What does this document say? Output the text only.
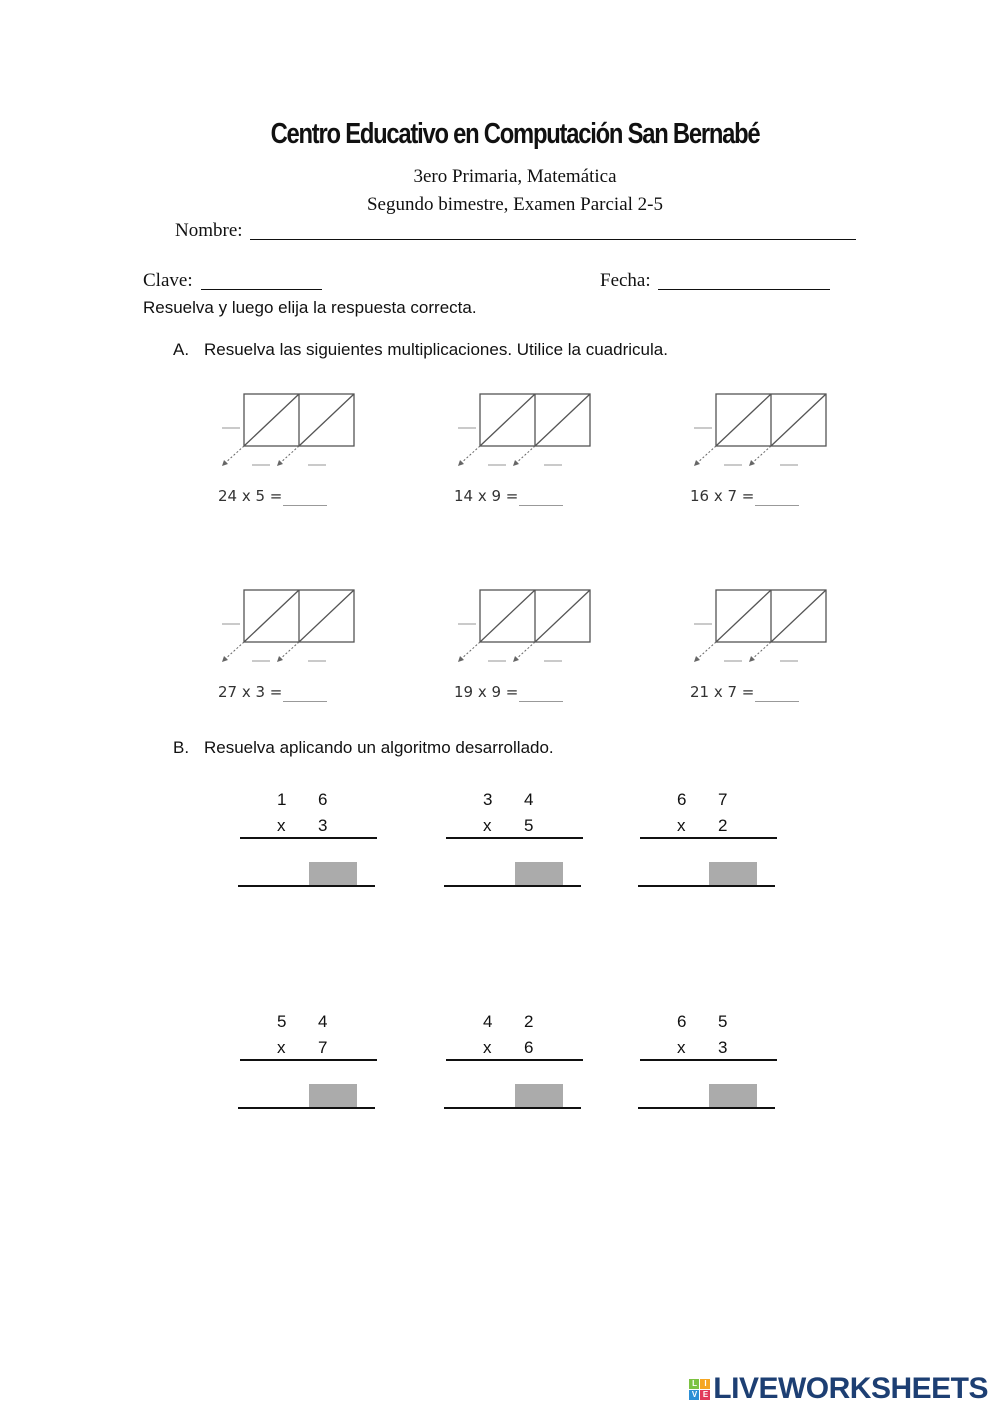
Centro Educativo en Computación San Bernabé
3ero Primaria, Matemática
Segundo bimestre, Examen Parcial 2-5
Nombre:
Clave:	Fecha:
Resuelva y luego elija la respuesta correcta.
A. Resuelva las siguientes multiplicaciones. Utilice la cuadricula.
24 x 5 =	14 x 9 =	16 x 7 =
27 x 3 =	19 x 9 =	21 x 7 =
B. Resuelva aplicando un algoritmo desarrollado.
1 6
x 3
3 4
x 5
6 7
x 2
5 4
x 7
4 2
x 6
6 5
x 3
L I
V E LIVEWORKSHEETS
